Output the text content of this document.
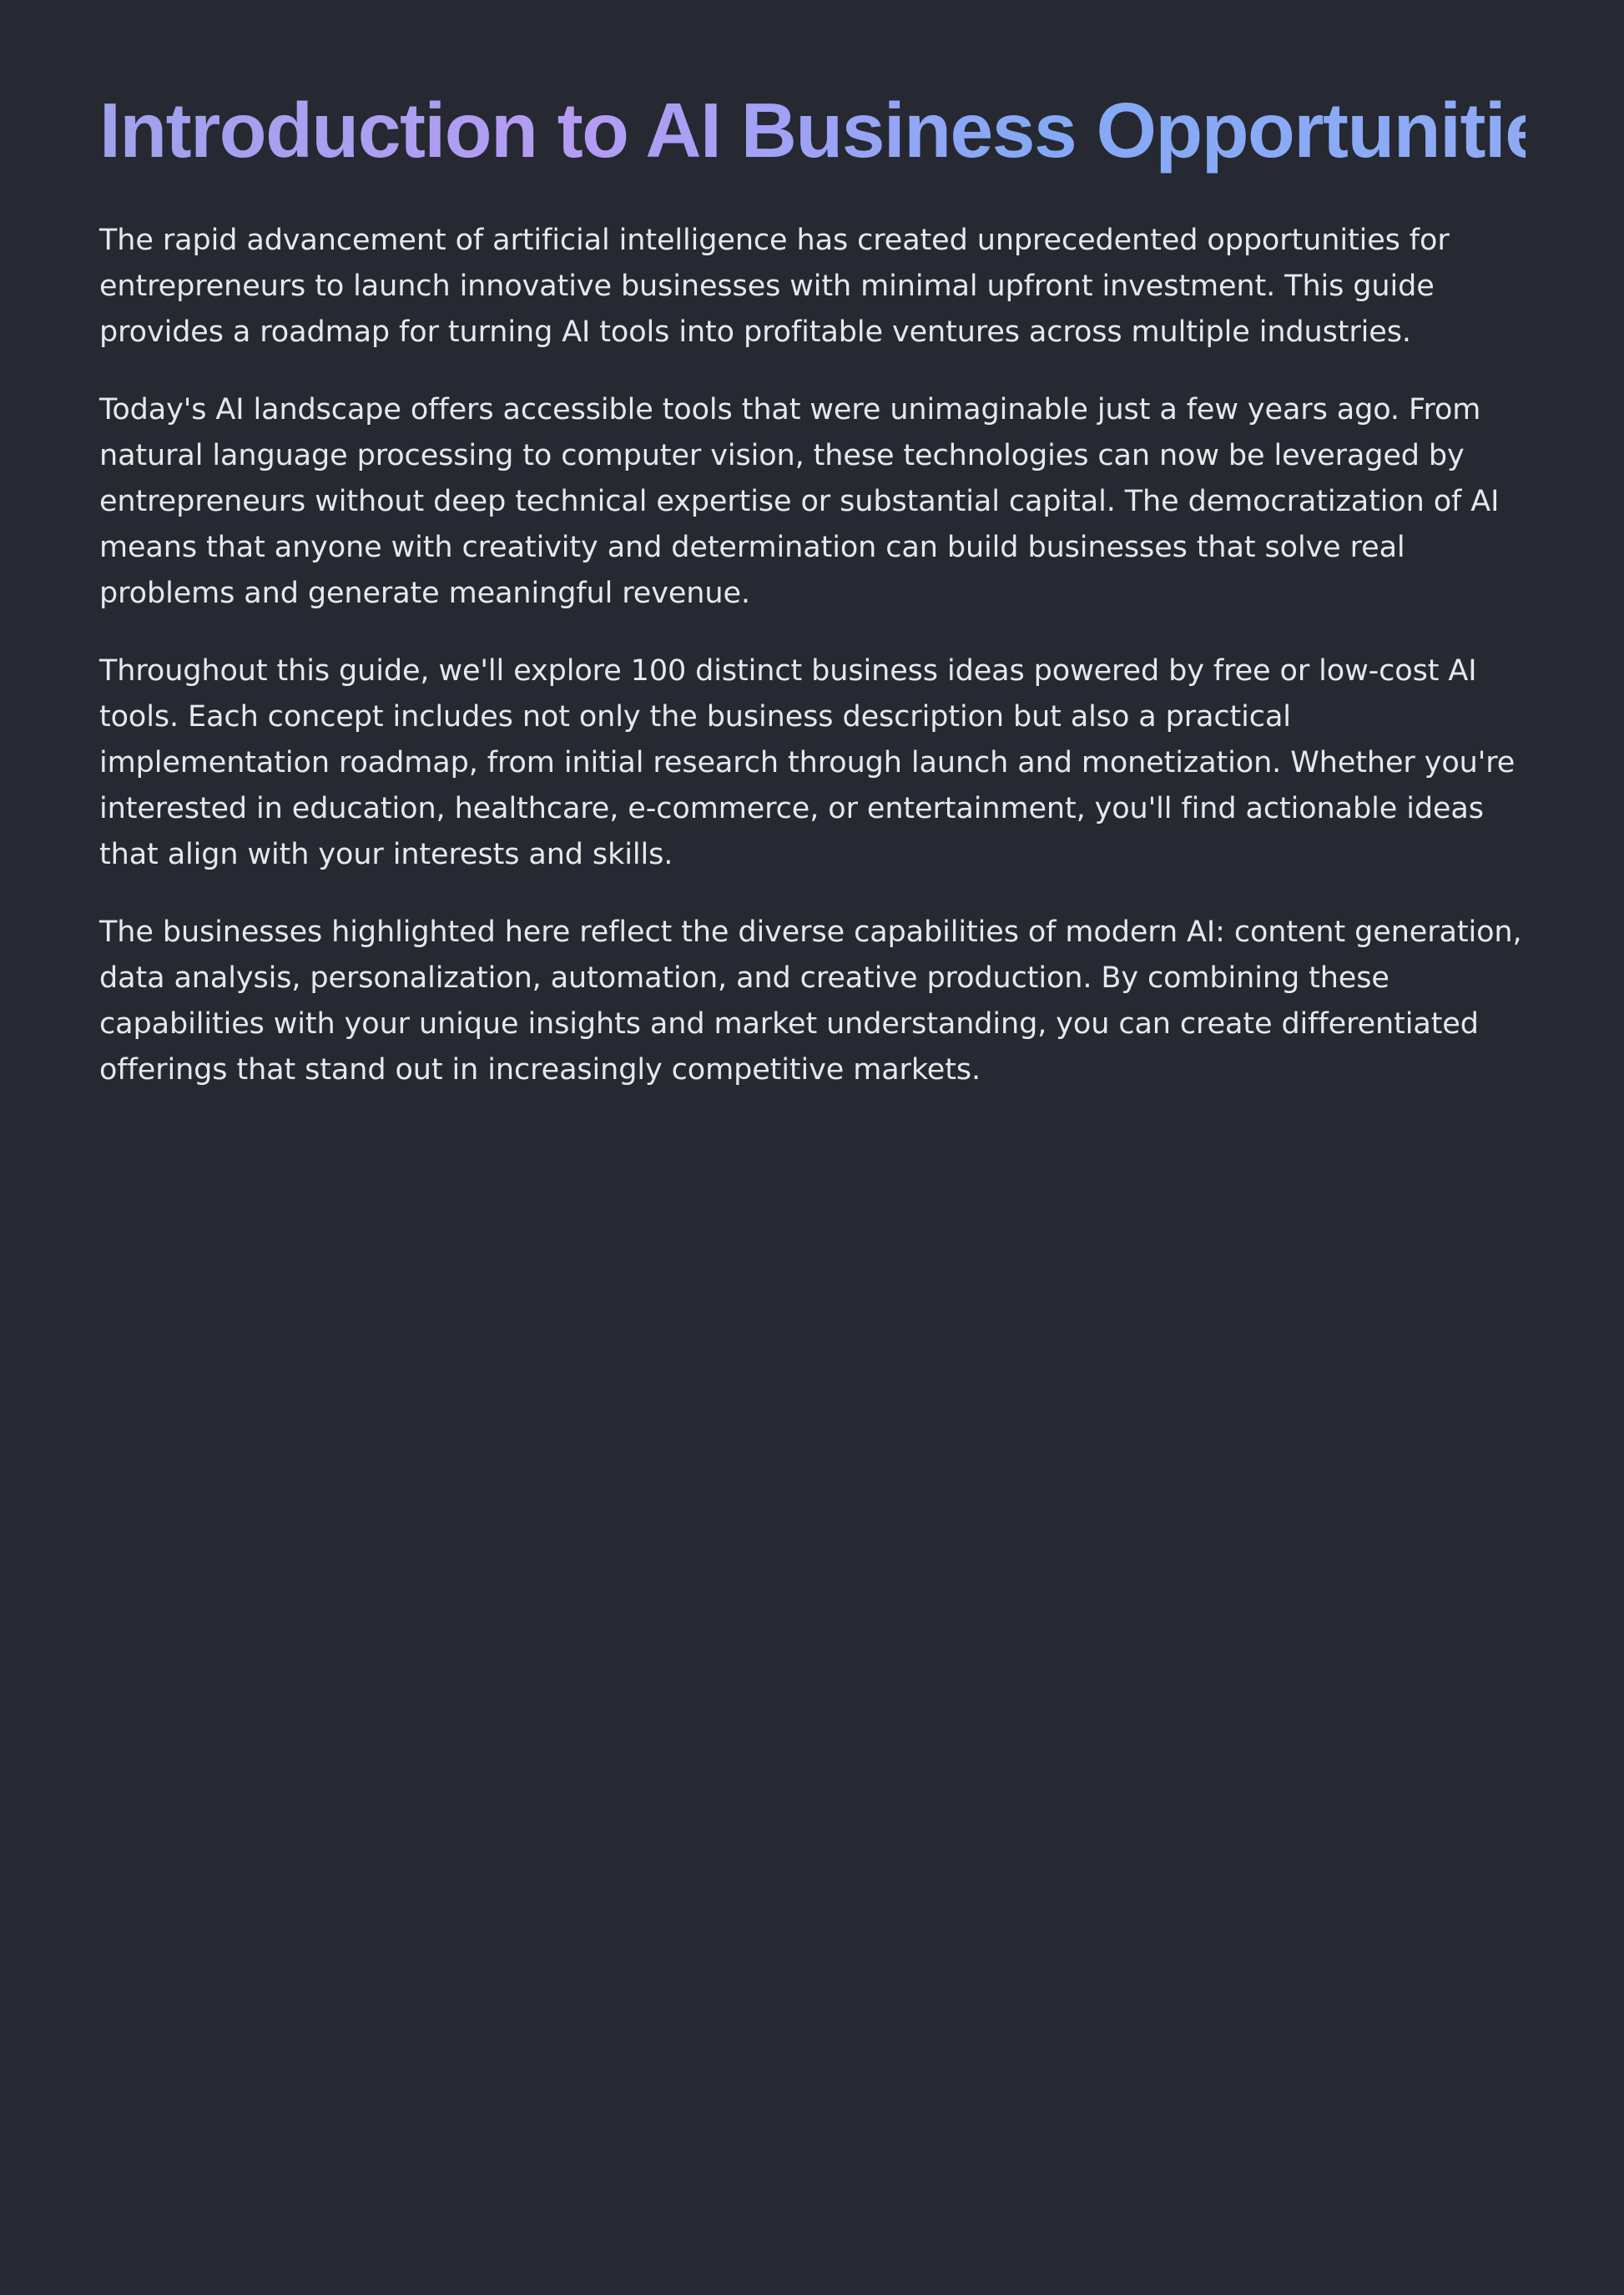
Introduction to AI Business Opportunities

The rapid advancement of artificial intelligence has created unprecedented opportunities for entrepreneurs to launch innovative businesses with minimal upfront investment. This guide provides a roadmap for turning AI tools into profitable ventures across multiple industries.

Today's AI landscape offers accessible tools that were unimaginable just a few years ago. From natural language processing to computer vision, these technologies can now be leveraged by entrepreneurs without deep technical expertise or substantial capital. The democratization of AI means that anyone with creativity and determination can build businesses that solve real problems and generate meaningful revenue.

Throughout this guide, we'll explore 100 distinct business ideas powered by free or low-cost AI tools. Each concept includes not only the business description but also a practical implementation roadmap, from initial research through launch and monetization. Whether you're interested in education, healthcare, e-commerce, or entertainment, you'll find actionable ideas that align with your interests and skills.

The businesses highlighted here reflect the diverse capabilities of modern AI: content generation, data analysis, personalization, automation, and creative production. By combining these capabilities with your unique insights and market understanding, you can create differentiated offerings that stand out in increasingly competitive markets.
